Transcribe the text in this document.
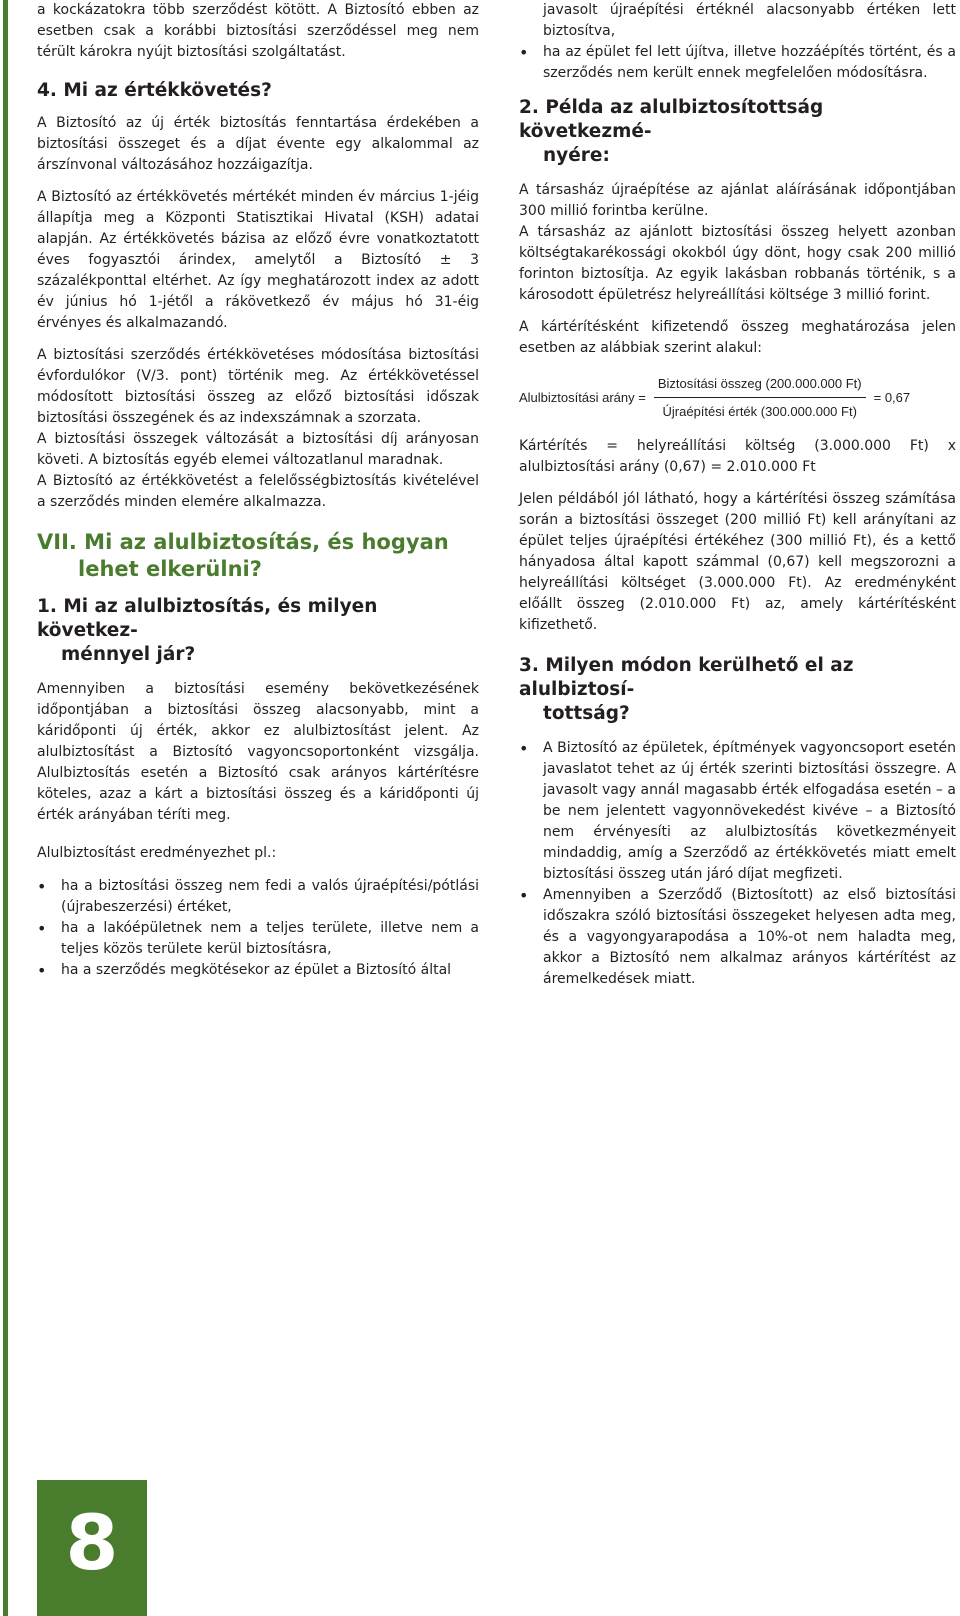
a kockázatokra több szerződést kötött. A Biztosító ebben az esetben csak a korábbi biztosítási szerződéssel meg nem térült károkra nyújt biztosítási szolgáltatást.

4. Mi az értékkövetés?

A Biztosító az új érték biztosítás fenntartása érdekében a biztosítási összeget és a díjat évente egy alkalommal az árszínvonal változásához hozzáigazítja.

A Biztosító az értékkövetés mértékét minden év március 1-jéig állapítja meg a Központi Statisztikai Hivatal (KSH) adatai alapján. Az értékkövetés bázisa az előző évre vonatkoztatott éves fogyasztói árindex, amelytől a Biztosító ± 3 százalékponttal eltérhet. Az így meghatározott index az adott év június hó 1-jétől a rákövetkező év május hó 31-éig érvényes és alkalmazandó.

A biztosítási szerződés értékkövetéses módosítása biztosítási évfordulókor (V/3. pont) történik meg. Az értékkövetéssel módosított biztosítási összeg az előző biztosítási időszak biztosítási összegének és az indexszámnak a szorzata.

A biztosítási összegek változását a biztosítási díj arányosan követi. A biztosítás egyéb elemei változatlanul maradnak.

A Biztosító az értékkövetést a felelősségbiztosítás kivételével a szerződés minden elemére alkalmazza.

VII. Mi az alulbiztosítás, és hogyan
lehet elkerülni?
1. Mi az alulbiztosítás, és milyen következ-
ménnyel jár?

Amennyiben a biztosítási esemény bekövetkezésének időpontjában a biztosítási összeg alacsonyabb, mint a káridőponti új érték, akkor ez alulbiztosítást jelent. Az alulbiztosítást a Biztosító vagyoncsoportonként vizsgálja. Alulbiztosítás esetén a Biztosító csak arányos kártérítésre köteles, azaz a kárt a biztosítási összeg és a káridőponti új érték arányában téríti meg.

Alulbiztosítást eredményezhet pl.:

• ha a biztosítási összeg nem fedi a valós újraépítési/pótlási (újrabeszerzési) értéket,
• ha a lakóépületnek nem a teljes területe, illetve nem a teljes közös területe kerül biztosításra,
• ha a szerződés megkötésekor az épület a Biztosító által

javasolt újraépítési értéknél alacsonyabb értéken lett biztosítva,

• ha az épület fel lett újítva, illetve hozzáépítés történt, és a szerződés nem került ennek megfelelően módosításra.
2. Példa az alulbiztosítottság következmé-
nyére:

A társasház újraépítése az ajánlat aláírásának időpontjában 300 millió forintba kerülne.

A társasház az ajánlott biztosítási összeg helyett azonban költségtakarékossági okokból úgy dönt, hogy csak 200 millió forinton biztosítja. Az egyik lakásban robbanás történik, s a károsodott épületrész helyreállítási költsége 3 millió forint.

A kártérítésként kifizetendő összeg meghatározása jelen esetben az alábbiak szerint alakul:

Alulbiztosítási arány = $\frac{\text{Biztosítási összeg (200.000.000 Ft)}}{\text{Újraépítési érték (300.000.000 Ft)}} = 0,67$

Kártérítés = helyreállítási költség (3.000.000 Ft) x alulbiztosítási arány (0,67) = 2.010.000 Ft

Jelen példából jól látható, hogy a kártérítési összeg számítása során a biztosítási összeget (200 millió Ft) kell arányítani az épület teljes újraépítési értékéhez (300 millió Ft), és a kettő hányadosa által kapott számmal (0,67) kell megszorozni a helyreállítási költséget (3.000.000 Ft). Az eredményként előállt összeg (2.010.000 Ft) az, amely kártérítésként kifizethető.

3. Milyen módon kerülhető el az alulbiztosí-
tottság?
• A Biztosító az épületek, építmények vagyoncsoport esetén javaslatot tehet az új érték szerinti biztosítási összegre. A javasolt vagy annál magasabb érték elfogadása esetén – a be nem jelentett vagyonnövekedést kivéve – a Biztosító nem érvényesíti az alulbiztosítás következményeit mindaddig, amíg a Szerződő az értékkövetés miatt emelt biztosítási összeg után járó díjat megfizeti.
• Amennyiben a Szerződő (Biztosított) az első biztosítási időszakra szóló biztosítási összegeket helyesen adta meg, és a vagyongyarapodása a 10%-ot nem haladta meg, akkor a Biztosító nem alkalmaz arányos kártérítést az áremelkedések miatt.
8
